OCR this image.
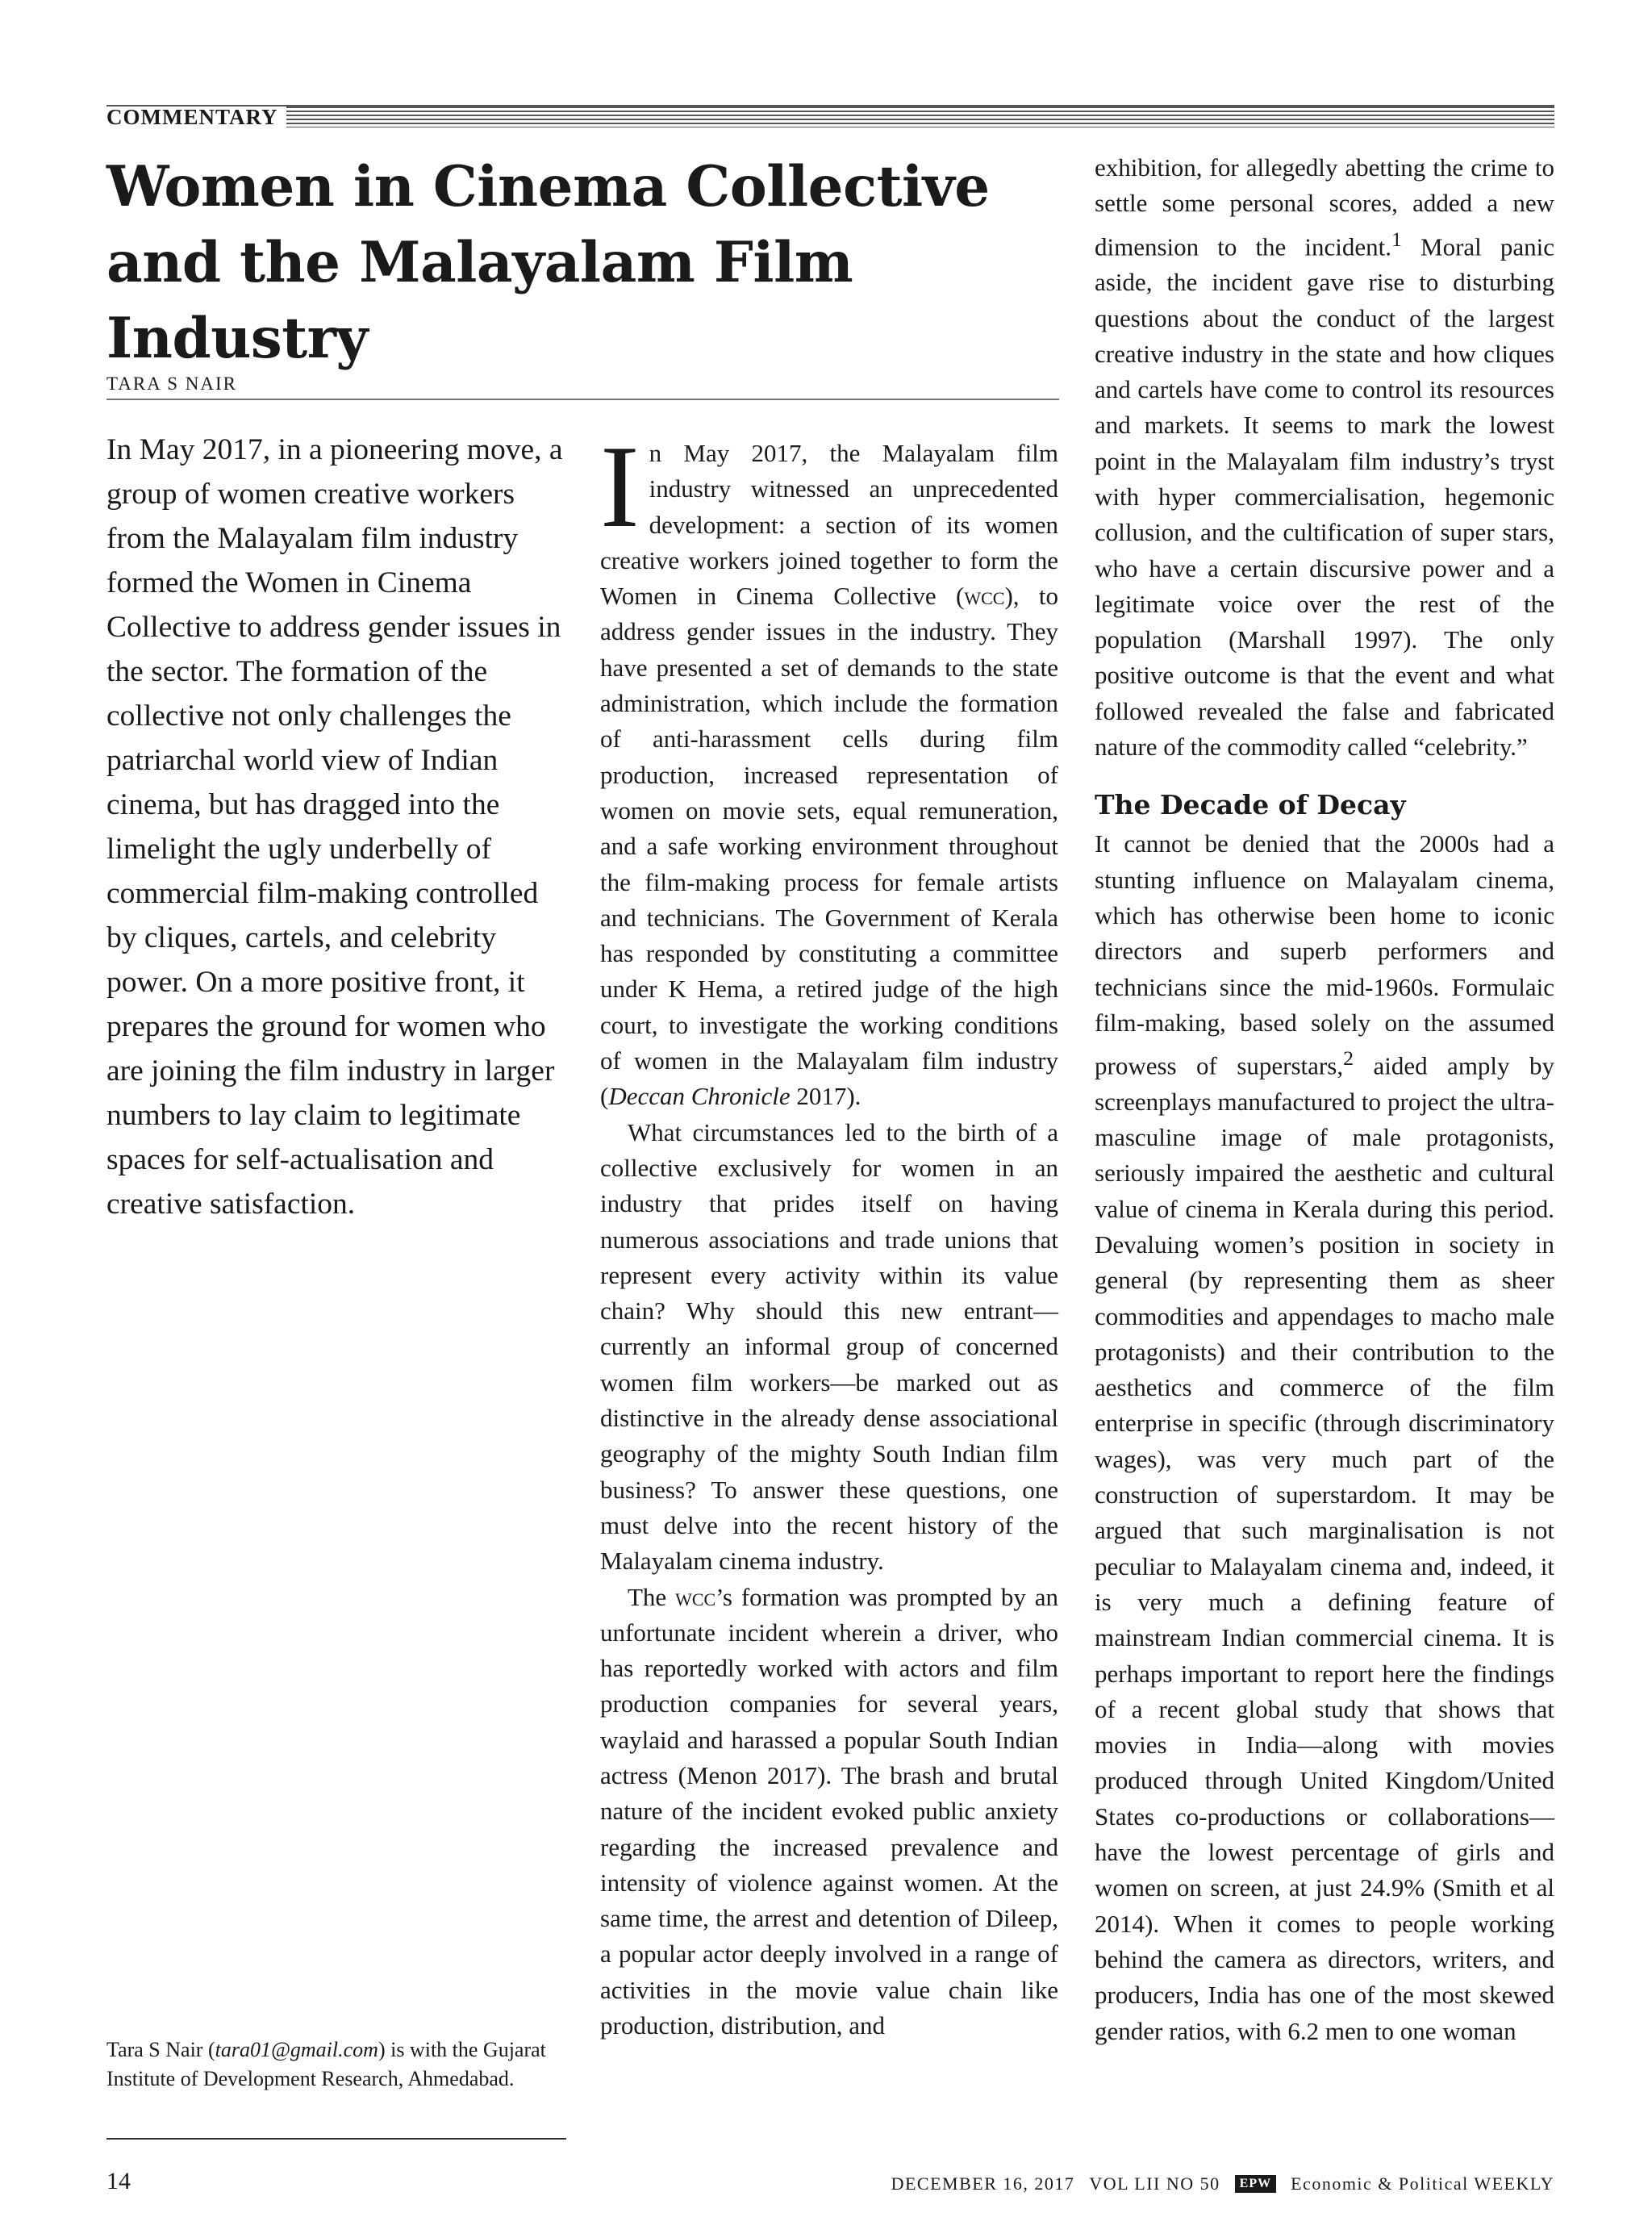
COMMENTARY
Women in Cinema Collective and the Malayalam Film Industry
TARA S NAIR

In May 2017, in a pioneering move, a group of women creative workers from the Malayalam film industry formed the Women in Cinema Collective to address gender issues in the sector. The formation of the collective not only challenges the patriarchal world view of Indian cinema, but has dragged into the limelight the ugly underbelly of commercial film-making controlled by cliques, cartels, and celebrity power. On a more positive front, it prepares the ground for women who are joining the film industry in larger numbers to lay claim to legitimate spaces for self-actualisation and creative satisfaction.

Tara S Nair (tara01@gmail.com) is with the Gujarat Institute of Development Research, Ahmedabad.

In May 2017, the Malayalam film industry witnessed an unprecedented development: a section of its women creative workers joined together to form the Women in Cinema Collective (wcc), to address gender issues in the industry. They have presented a set of demands to the state administration, which include the formation of anti-harassment cells during film production, increased representation of women on movie sets, equal remuneration, and a safe working environment throughout the film-making process for female artists and technicians. The Government of Kerala has responded by constituting a committee under K Hema, a retired judge of the high court, to investigate the working conditions of women in the Malayalam film industry (Deccan Chronicle 2017).

What circumstances led to the birth of a collective exclusively for women in an industry that prides itself on having numerous associations and trade unions that represent every activity within its value chain? Why should this new entrant—currently an informal group of concerned women film workers—be marked out as distinctive in the already dense associational geography of the mighty South Indian film business? To answer these questions, one must delve into the recent history of the Malayalam cinema industry.

The wcc’s formation was prompted by an unfortunate incident wherein a driver, who has reportedly worked with actors and film production companies for several years, waylaid and harassed a popular South Indian actress (Menon 2017). The brash and brutal nature of the incident evoked public anxiety regarding the increased prevalence and intensity of violence against women. At the same time, the arrest and detention of Dileep, a popular actor deeply involved in a range of activities in the movie value chain like production, distribution, and

exhibition, for allegedly abetting the crime to settle some personal scores, added a new dimension to the incident.$^1$ Moral panic aside, the incident gave rise to disturbing questions about the conduct of the largest creative industry in the state and how cliques and cartels have come to control its resources and markets. It seems to mark the lowest point in the Malayalam film industry’s tryst with hyper commercialisation, hegemonic collusion, and the cultification of super stars, who have a certain discursive power and a legitimate voice over the rest of the population (Marshall 1997). The only positive outcome is that the event and what followed revealed the false and fabricated nature of the commodity called “celebrity.”

The Decade of Decay

It cannot be denied that the 2000s had a stunting influence on Malayalam cinema, which has otherwise been home to iconic directors and superb performers and technicians since the mid-1960s. Formulaic film-making, based solely on the assumed prowess of superstars,$^2$ aided amply by screenplays manufactured to project the ultra-masculine image of male protagonists, seriously impaired the aesthetic and cultural value of cinema in Kerala during this period. Devaluing women’s position in society in general (by representing them as sheer commodities and appendages to macho male protagonists) and their contribution to the aesthetics and commerce of the film enterprise in specific (through discriminatory wages), was very much part of the construction of superstardom. It may be argued that such marginalisation is not peculiar to Malayalam cinema and, indeed, it is very much a defining feature of mainstream Indian commercial cinema. It is perhaps important to report here the findings of a recent global study that shows that movies in India—along with movies produced through United Kingdom/United States co-productions or collaborations—have the lowest percentage of girls and women on screen, at just 24.9% (Smith et al 2014). When it comes to people working behind the camera as directors, writers, and producers, India has one of the most skewed gender ratios, with 6.2 men to one woman

14	DECEMBER 16, 2017 VOL LII NO 50	EPW Economic & Political WEEKLY
